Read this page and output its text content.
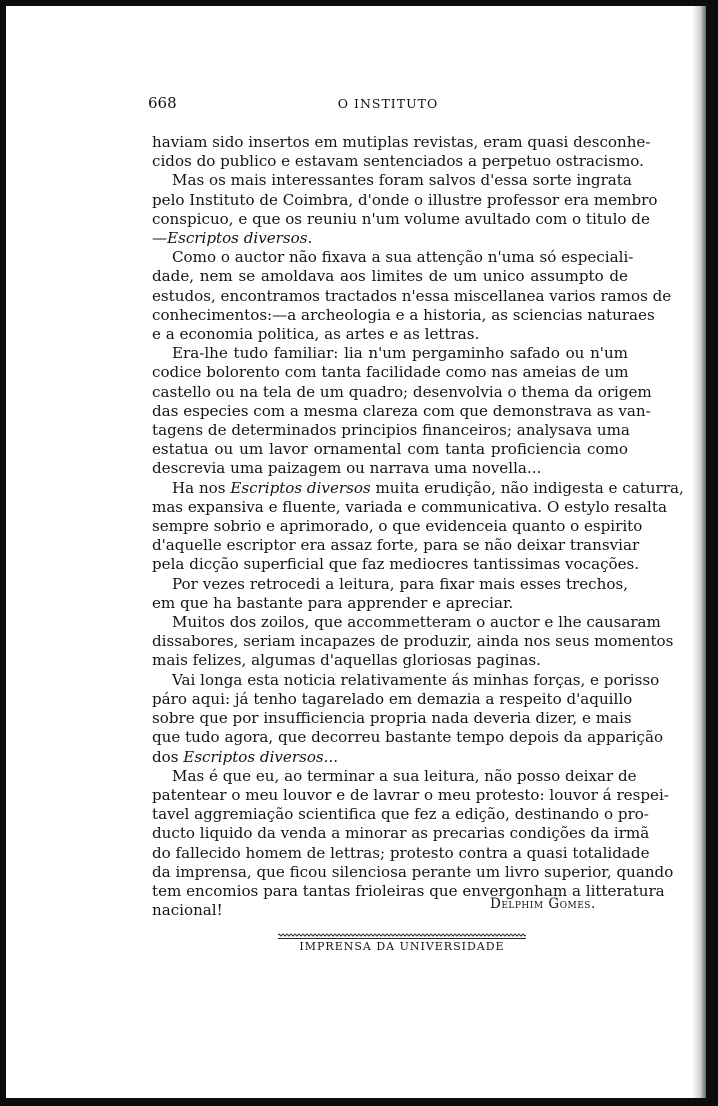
668	O INSTITUTO
haviam sido insertos em mutiplas revistas, eram quasi desconhe-
cidos do publico e estavam sentenciados a perpetuo ostracismo.
Mas os mais interessantes foram salvos d'essa sorte ingrata
pelo Instituto de Coimbra, d'onde o illustre professor era membro
conspicuo, e que os reuniu n'um volume avultado com o titulo de
—Escriptos diversos.
Como o auctor não fixava a sua attenção n'uma só especiali-
dade, nem se amoldava aos limites de um unico assumpto de
estudos, encontramos tractados n'essa miscellanea varios ramos de
conhecimentos:—a archeologia e a historia, as sciencias naturaes
e a economia politica, as artes e as lettras.
Era-lhe tudo familiar: lia n'um pergaminho safado ou n'um
codice bolorento com tanta facilidade como nas ameias de um
castello ou na tela de um quadro; desenvolvia o thema da origem
das especies com a mesma clareza com que demonstrava as van-
tagens de determinados principios financeiros; analysava uma
estatua ou um lavor ornamental com tanta proficiencia como
descrevia uma paizagem ou narrava uma novella...
Ha nos Escriptos diversos muita erudição, não indigesta e caturra,
mas expansiva e fluente, variada e communicativa. O estylo resalta
sempre sobrio e aprimorado, o que evidenceia quanto o espirito
d'aquelle escriptor era assaz forte, para se não deixar transviar
pela dicção superficial que faz mediocres tantissimas vocações.
Por vezes retrocedi a leitura, para fixar mais esses trechos,
em que ha bastante para apprender e apreciar.
Muitos dos zoilos, que accommetteram o auctor e lhe causaram
dissabores, seriam incapazes de produzir, ainda nos seus momentos
mais felizes, algumas d'aquellas gloriosas paginas.
Vai longa esta noticia relativamente ás minhas forças, e porisso
páro aqui: já tenho tagarelado em demazia a respeito d'aquillo
sobre que por insufficiencia propria nada deveria dizer, e mais
que tudo agora, que decorreu bastante tempo depois da apparição
dos Escriptos diversos...
Mas é que eu, ao terminar a sua leitura, não posso deixar de
patentear o meu louvor e de lavrar o meu protesto: louvor á respei-
tavel aggremiação scientifica que fez a edição, destinando o pro-
ducto liquido da venda a minorar as precarias condições da irmã
do fallecido homem de lettras; protesto contra a quasi totalidade
da imprensa, que ficou silenciosa perante um livro superior, quando
tem encomios para tantas frioleiras que envergonham a litteratura
nacional!	Delphim Gomes.
IMPRENSA DA UNIVERSIDADE
